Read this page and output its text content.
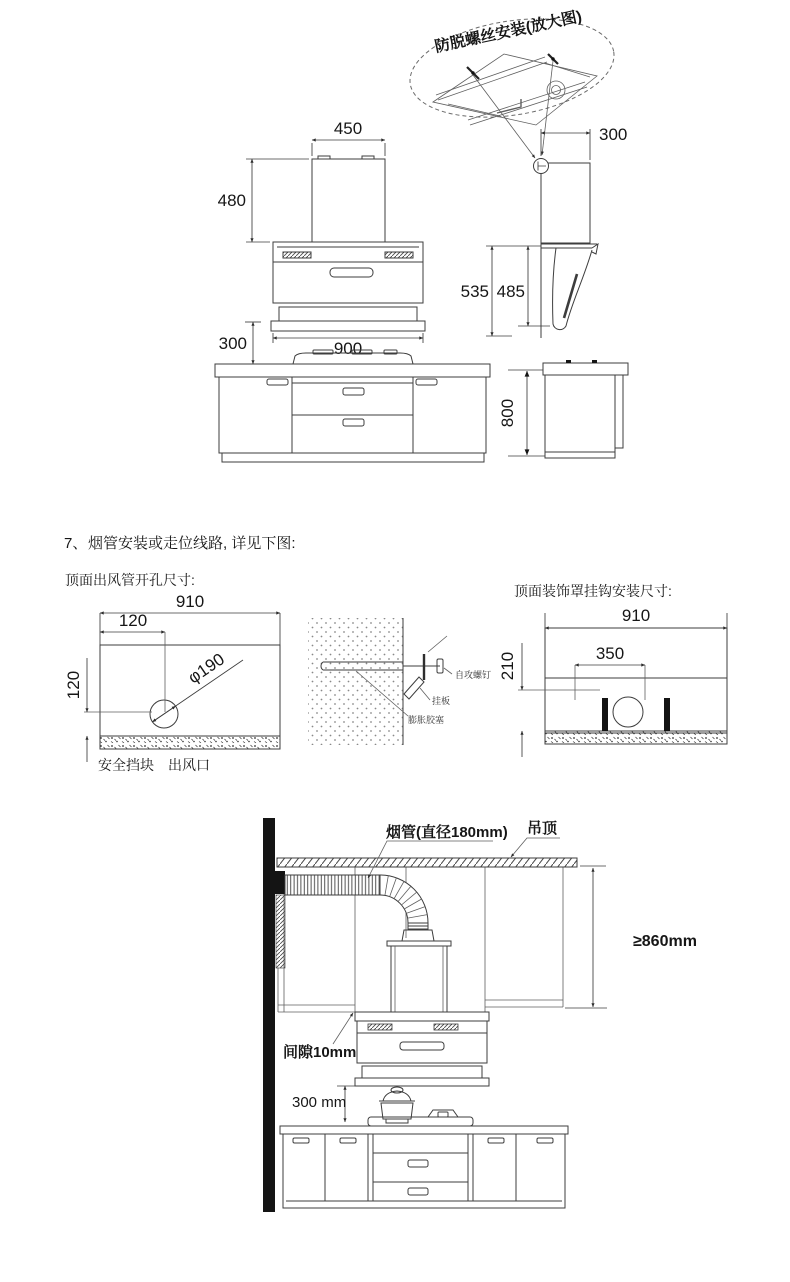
防脱螺丝安装(放大图)
450
480
300	900
300
535 485
800
7、 烟管安装或走位线路, 详见下图:
顶面出风管开孔尺寸:
910
120
120	φ190
安全挡块 出风口
自攻螺钉
挂板
膨胀胶塞
顶面装饰罩挂钩安装尺寸:
910
350
210
烟管(直径180mm) 吊顶
≥860mm
间隙10mm
300 mm
